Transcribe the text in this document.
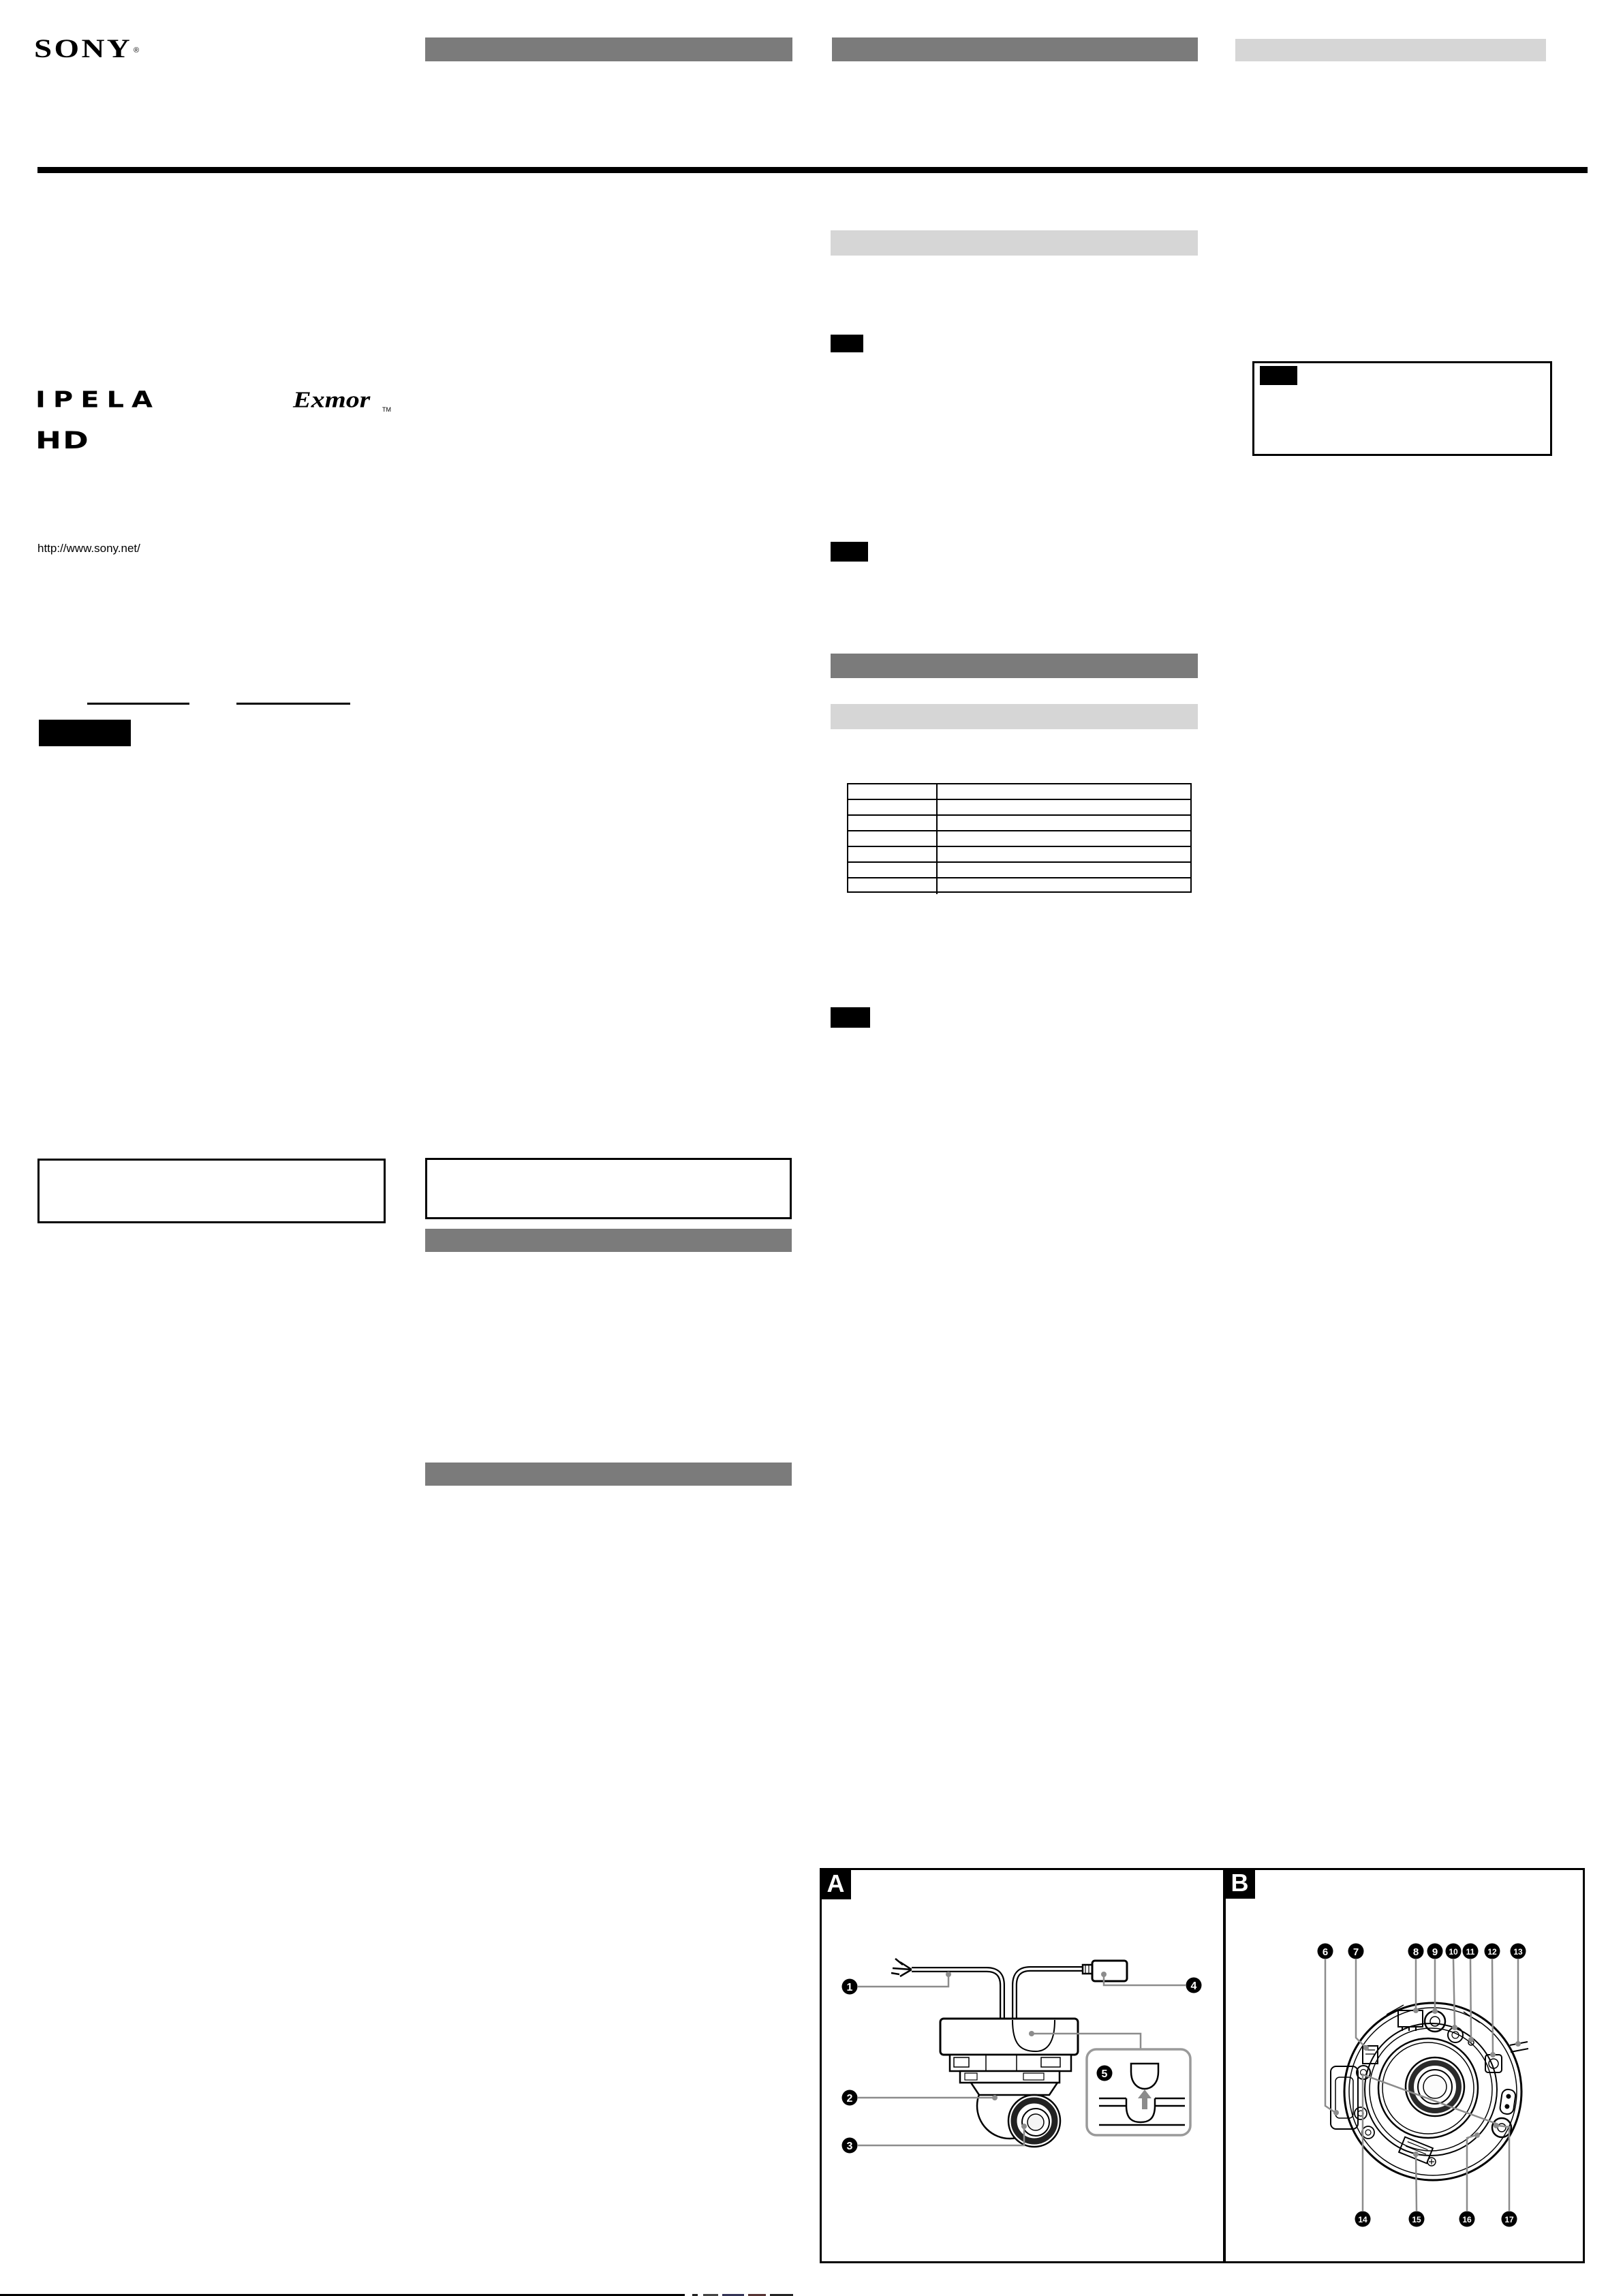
SONY ®
IPELA	Exmor TM
HD
http://www.sony.net/
1
2
3
4
5
A
6 7	8 9 10 11 12 13
14	15	16	17
B
